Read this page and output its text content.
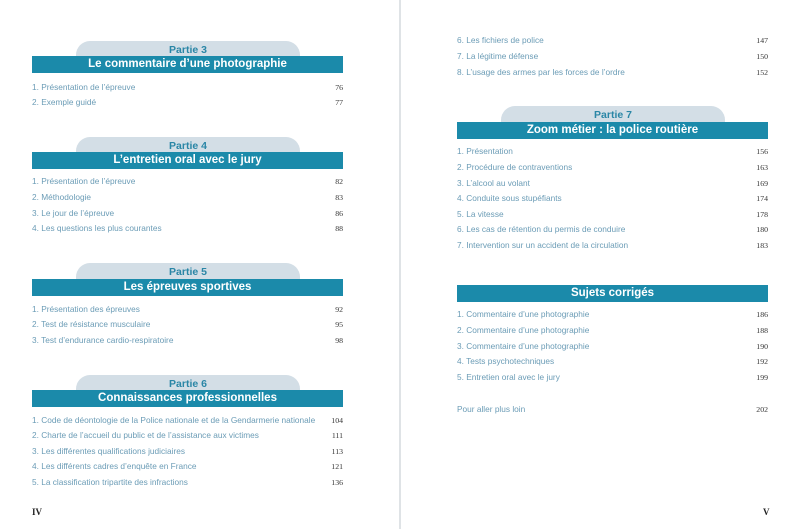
Partie 3
Le commentaire d’une photographie
1. Présentation de l’épreuve	76
2. Exemple guidé	77
Partie 4
L’entretien oral avec le jury
1. Présentation de l’épreuve	82
2. Méthodologie	83
3. Le jour de l’épreuve	86
4. Les questions les plus courantes	88
Partie 5
Les épreuves sportives
1. Présentation des épreuves	92
2. Test de résistance musculaire	95
3. Test d’endurance cardio-respiratoire	98
Partie 6
Connaissances professionnelles
1. Code de déontologie de la Police nationale et de la Gendarmerie nationale 104
2. Charte de l’accueil du public et de l’assistance aux victimes	111
3. Les différentes qualifications judiciaires	113
4. Les différents cadres d’enquête en France	121
5. La classification tripartite des infractions	136
IV
6. Les fichiers de police	147
7. La légitime défense	150
8. L’usage des armes par les forces de l’ordre	152
Partie 7
Zoom métier : la police routière
1. Présentation	156
2. Procédure de contraventions	163
3. L’alcool au volant	169
4. Conduite sous stupéfiants	174
5. La vitesse	178
6. Les cas de rétention du permis de conduire	180
7. Intervention sur un accident de la circulation	183
Sujets corrigés
1. Commentaire d’une photographie	186
2. Commentaire d’une photographie	188
3. Commentaire d’une photographie	190
4. Tests psychotechniques	192
5. Entretien oral avec le jury	199
Pour aller plus loin	202
V
